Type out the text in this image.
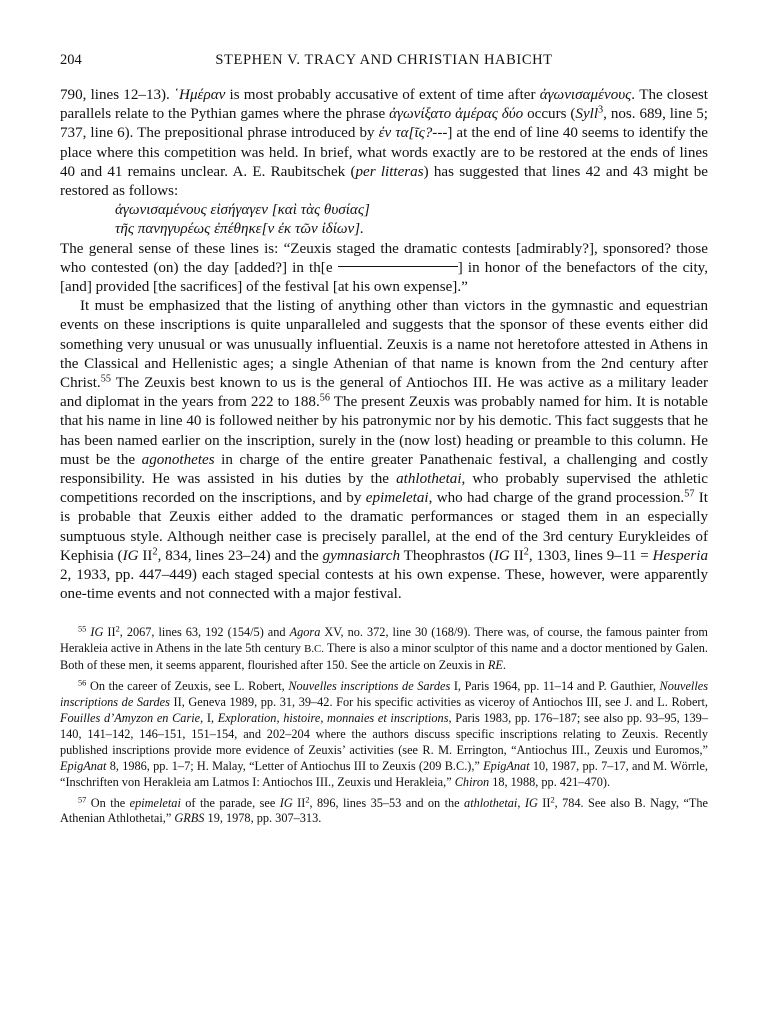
204	STEPHEN V. TRACY AND CHRISTIAN HABICHT

790, lines 12–13). ῾Ημέραν is most probably accusative of extent of time after ἀγωνισαμένους. The closest parallels relate to the Pythian games where the phrase ἀγωνίξατο ἀμέρας δύο occurs (Syll$^3$, nos. 689, line 5; 737, line 6). The prepositional phrase introduced by ἐν τα[ῖς?---] at the end of line 40 seems to identify the place where this competition was held. In brief, what words exactly are to be restored at the ends of lines 40 and 41 remains unclear. A. E. Raubitschek (per litteras) has suggested that lines 42 and 43 might be restored as follows:

ἀγωνισαμένους εἰσήγαγεν [καὶ τὰς θυσίας]

τῆς πανηγυρέως ἐπέθηκε[ν ἐκ τῶν ἰδίων].

The general sense of these lines is: “Zeuxis staged the dramatic contests [admirably?], sponsored? those who contested (on) the day [added?] in th[e	] in honor of the benefactors of the city, [and] provided [the sacrifices] of the festival [at his own expense].”

It must be emphasized that the listing of anything other than victors in the gymnastic and equestrian events on these inscriptions is quite unparalleled and suggests that the sponsor of these events either did something very unusual or was unusually influential. Zeuxis is a name not heretofore attested in Athens in the Classical and Hellenistic ages; a single Athenian of that name is known from the 2nd century after Christ.$^{55}$ The Zeuxis best known to us is the general of Antiochos III. He was active as a military leader and diplomat in the years from 222 to 188.56 The present Zeuxis was probably named for him. It is notable that his name in line 40 is followed neither by his patronymic nor by his demotic. This fact suggests that he has been named earlier on the inscription, surely in the (now lost) heading or preamble to this column. He must be the agonothetes in charge of the entire greater Panathenaic festival, a challenging and costly responsibility. He was assisted in his duties by the athlothetai, who probably supervised the athletic competitions recorded on the inscriptions, and by epimeletai, who had charge of the grand procession.$^{57}$ It is probable that Zeuxis either added to the dramatic performances or staged them in an especially sumptuous style. Although neither case is precisely parallel, at the end of the 3rd century Eurykleides of Kephisia (IG $II^2$, 834, lines 23–24) and the gymnasiarch Theophrastos (IG $II^2$, 1303, lines 9–11 = Hesperia 2, 1933, pp. 447–449) each staged special contests at his own expense. These, however, were apparently one-time events and not connected with a major festival.

$^{55}$ IG $II^2$, 2067, lines 63, 192 (154/5) and Agora XV, no. 372, line 30 (168/9). There was, of course, the famous painter from Herakleia active in Athens in the late 5th century B.C. There is also a minor sculptor of this name and a doctor mentioned by Galen. Both of these men, it seems apparent, flourished after 150. See the article on Zeuxis in RE.

$^{56}$ On the career of Zeuxis, see L. Robert, Nouvelles inscriptions de Sardes I, Paris 1964, pp. 11–14 and P. Gauthier, Nouvelles inscriptions de Sardes II, Geneva 1989, pp. 31, 39–42. For his specific activities as viceroy of Antiochos III, see J. and L. Robert, Fouilles d’Amyzon en Carie, I, Exploration, histoire, monnaies et inscriptions, Paris 1983, pp. 176–187; see also pp. 93–95, 139–140, 141–142, 146–151, 151–154, and 202–204 where the authors discuss specific inscriptions relating to Zeuxis. Recently published inscriptions provide more evidence of Zeuxis’ activities (see R. M. Errington, “Antiochus III., Zeuxis und Euromos,” EpigAnat 8, 1986, pp. 1–7; H. Malay, “Letter of Antiochus III to Zeuxis (209 B.C.),” EpigAnat 10, 1987, pp. 7–17, and M. Wörrle, “Inschriften von Herakleia am Latmos I: Antiochos III., Zeuxis und Herakleia,” Chiron 18, 1988, pp. 421–470).

$^{57}$ On the epimeletai of the parade, see IG $II^2$, 896, lines 35–53 and on the athlothetai, IG $II^2$, 784. See also B. Nagy, “The Athenian Athlothetai,” GRBS 19, 1978, pp. 307–313.
